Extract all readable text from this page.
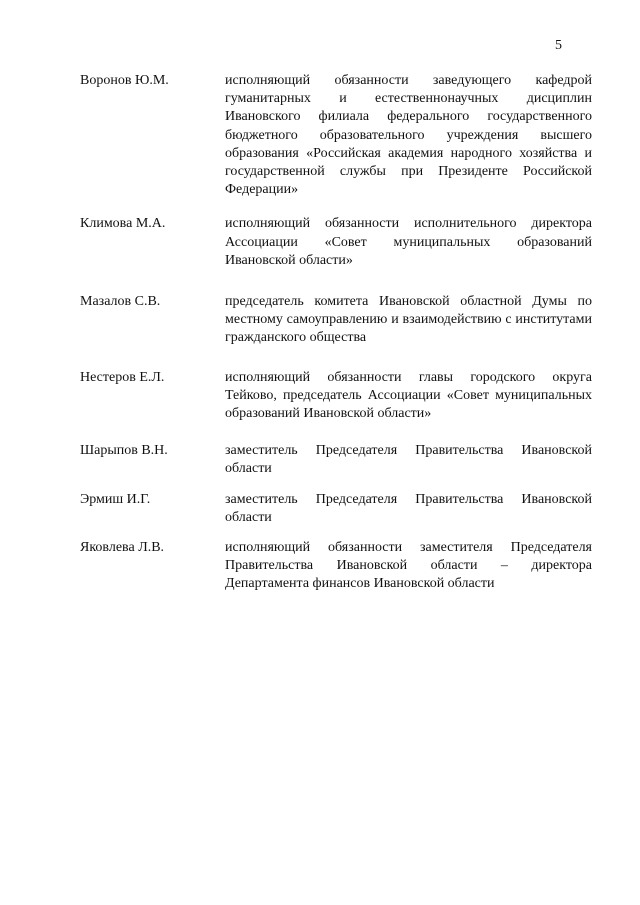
5
Воронов Ю.М.	исполняющий обязанности заведующего кафедрой гуманитарных и естественнонаучных дисциплин Ивановского филиала федерального государственного бюджетного образовательного учреждения высшего образования «Российская академия народного хозяйства и государственной службы при Президенте Российской Федерации»

Климова М.А.	исполняющий обязанности исполнительного директора Ассоциации «Совет муниципальных образований Ивановской области»

Мазалов С.В.	председатель комитета Ивановской областной Думы по местному самоуправлению и взаимодействию с институтами гражданского общества

Нестеров Е.Л.	исполняющий обязанности главы городского округа Тейково, председатель Ассоциации «Совет муниципальных образований Ивановской области»

Шарыпов В.Н.	заместитель Председателя Правительства Ивановской области

Эрмиш И.Г.	заместитель Председателя Правительства Ивановской области

Яковлева Л.В.	исполняющий обязанности заместителя Председателя Правительства Ивановской области – директора Департамента финансов Ивановской области
